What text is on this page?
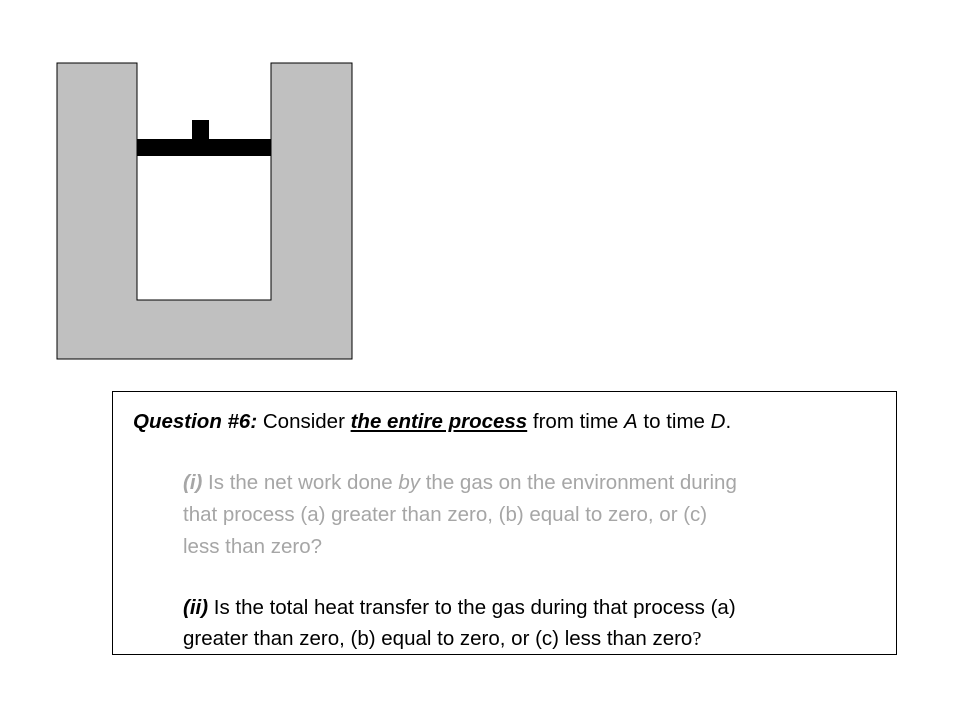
Question #6: Consider the entire process from time A to time D.
(i) Is the net work done by the gas on the environment during
that process (a) greater than zero, (b) equal to zero, or (c)
less than zero?
(ii) Is the total heat transfer to the gas during that process (a)
greater than zero, (b) equal to zero, or (c) less than zero?
